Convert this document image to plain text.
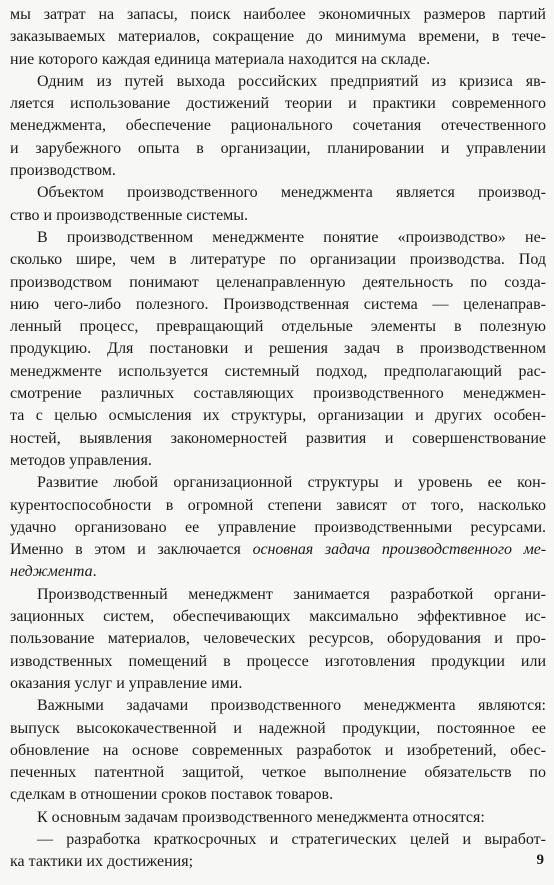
мы затрат на запасы, поиск наиболее экономичных размеров партий
заказываемых материалов, сокращение до минимума времени, в тече-
ние которого каждая единица материала находится на складе.
Одним из путей выхода российских предприятий из кризиса яв-
ляется использование достижений теории и практики современного
менеджмента, обеспечение рационального сочетания отечественного
и зарубежного опыта в организации, планировании и управлении
производством.
Объектом производственного менеджмента является производ-
ство и производственные системы.
В производственном менеджменте понятие «производство» не-
сколько шире, чем в литературе по организации производства. Под
производством понимают целенаправленную деятельность по созда-
нию чего-либо полезного. Производственная система — целенаправ-
ленный процесс, превращающий отдельные элементы в полезную
продукцию. Для постановки и решения задач в производственном
менеджменте используется системный подход, предполагающий рас-
смотрение различных составляющих производственного менеджмен-
та с целью осмысления их структуры, организации и других особен-
ностей, выявления закономерностей развития и совершенствование
методов управления.
Развитие любой организационной структуры и уровень ее кон-
курентоспособности в огромной степени зависят от того, насколько
удачно организовано ее управление производственными ресурсами.
Именно в этом и заключается основная задача производственного ме-
неджмента.
Производственный менеджмент занимается разработкой органи-
зационных систем, обеспечивающих максимально эффективное ис-
пользование материалов, человеческих ресурсов, оборудования и про-
изводственных помещений в процессе изготовления продукции или
оказания услуг и управление ими.
Важными задачами производственного менеджмента являются:
выпуск высококачественной и надежной продукции, постоянное ее
обновление на основе современных разработок и изобретений, обес-
печенных патентной защитой, четкое выполнение обязательств по
сделкам в отношении сроков поставок товаров.
К основным задачам производственного менеджмента относятся:
— разработка краткосрочных и стратегических целей и выработ-
ка тактики их достижения;	9
